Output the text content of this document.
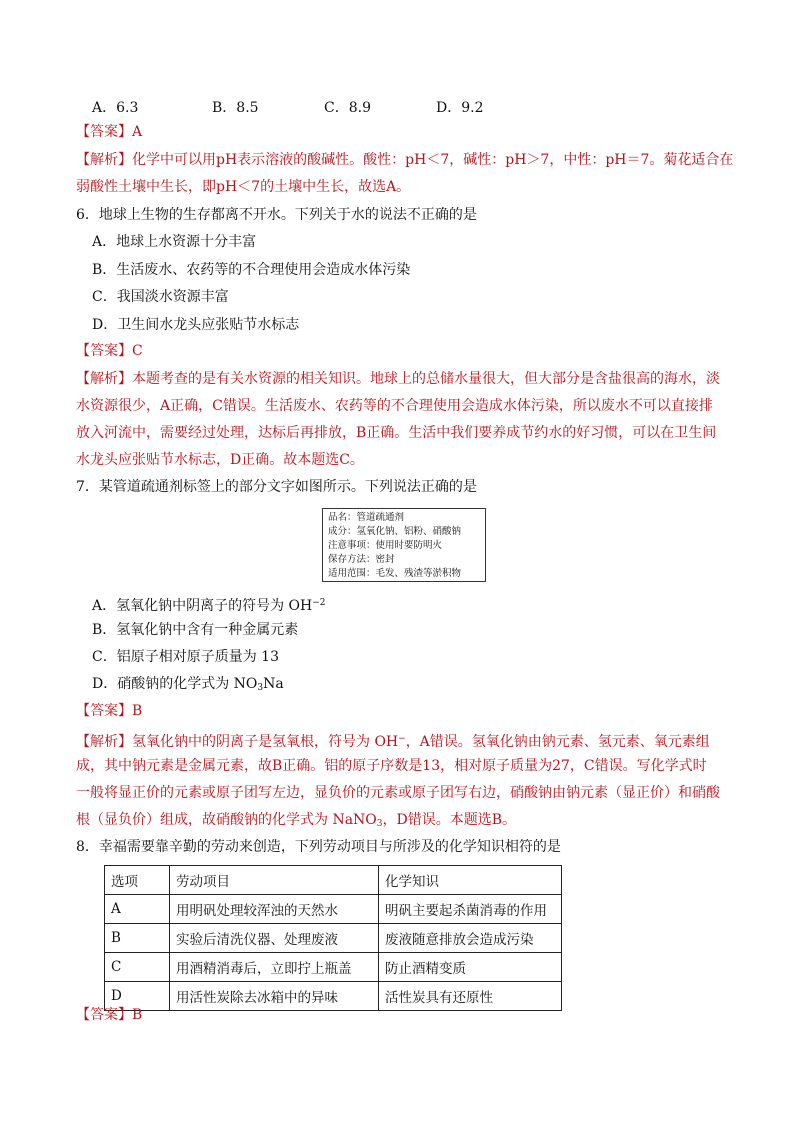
A．6.3	B．8.5	C．8.9	D．9.2
【答案】A
【解析】化学中可以用pH表示溶液的酸碱性。酸性：pH＜7，碱性：pH＞7，中性：pH＝7。菊花适合在
弱酸性土壤中生长，即pH＜7的土壤中生长，故选A。
6．地球上生物的生存都离不开水。下列关于水的说法不正确的是
A．地球上水资源十分丰富
B．生活废水、农药等的不合理使用会造成水体污染
C．我国淡水资源丰富
D．卫生间水龙头应张贴节水标志
【答案】C
【解析】本题考查的是有关水资源的相关知识。地球上的总储水量很大，但大部分是含盐很高的海水，淡
水资源很少，A正确，C错误。生活废水、农药等的不合理使用会造成水体污染，所以废水不可以直接排
放入河流中，需要经过处理，达标后再排放，B正确。生活中我们要养成节约水的好习惯，可以在卫生间
水龙头应张贴节水标志，D正确。故本题选C。
7．某管道疏通剂标签上的部分文字如图所示。下列说法正确的是
品名：管道疏通剂
成分：氢氧化钠、铝粉、硝酸钠
注意事项：使用时要防明火
保存方法：密封
适用范围：毛发、残渣等淤积物
A．氢氧化钠中阴离子的符号为 $OH^{-2}$
B．氢氧化钠中含有一种金属元素
C．铝原子相对原子质量为 13
D．硝酸钠的化学式为 $NO_3Na$
【答案】B
【解析】氢氧化钠中的阴离子是氢氧根，符号为 OH−，A错误。氢氧化钠由钠元素、氢元素、氧元素组
成，其中钠元素是金属元素，故B正确。铝的原子序数是13，相对原子质量为27，C错误。写化学式时
一般将显正价的元素或原子团写左边，显负价的元素或原子团写右边，硝酸钠由钠元素（显正价）和硝酸
根（显负价）组成，故硝酸钠的化学式为 NaNO$_3$，D错误。本题选B。
8．幸福需要靠辛勤的劳动来创造，下列劳动项目与所涉及的化学知识相符的是
选项	劳动项目	化学知识
A	用明矾处理较浑浊的天然水	明矾主要起杀菌消毒的作用
B	实验后清洗仪器、处理废液	废液随意排放会造成污染
C	用酒精消毒后，立即拧上瓶盖	防止酒精变质
D	用活性炭除去冰箱中的异味	活性炭具有还原性
【答案】B
